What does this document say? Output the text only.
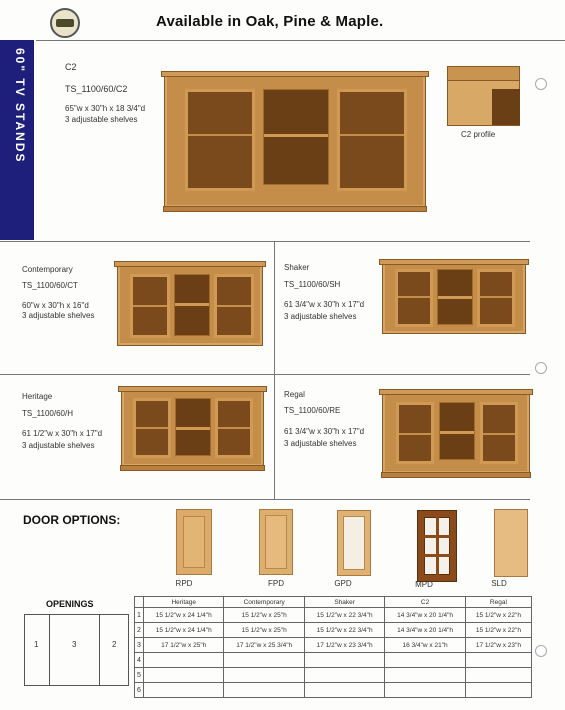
Available in Oak, Pine & Maple.
60" TV STANDS	C2
TS_1100/60/C2
65"w x 30"h x 18 3/4"d
3 adjustable shelves
C2 profile
Contemporary
TS_1100/60/CT
60"w x 30"h x 16"d
3 adjustable shelves
Shaker
TS_1100/60/SH
61 3/4"w x 30"h x 17"d
3 adjustable shelves
Heritage
TS_1100/60/H
61 1/2"w x 30"h x 17"d
3 adjustable shelves
Regal
TS_1100/60/RE
61 3/4"w x 30"h x 17"d
3 adjustable shelves
DOOR OPTIONS:
RPD	FPD	GPD	MPD	SLD
OPENINGS
1	3	2
	Heritage	Contemporary	Shaker	C2	Regal
1	15 1/2"w x 24 1/4"h	15 1/2"w x 25"h	15 1/2"w x 22 3/4"h	14 3/4"w x 20 1/4"h	15 1/2"w x 22"h
2	15 1/2"w x 24 1/4"h	15 1/2"w x 25"h	15 1/2"w x 22 3/4"h	14 3/4"w x 20 1/4"h	15 1/2"w x 22"h
3	17 1/2"w x 25"h	17 1/2"w x 25 3/4"h	17 1/2"w x 23 3/4"h	16 3/4"w x 21"h	17 1/2"w x 23"h
4					
5					
6					
